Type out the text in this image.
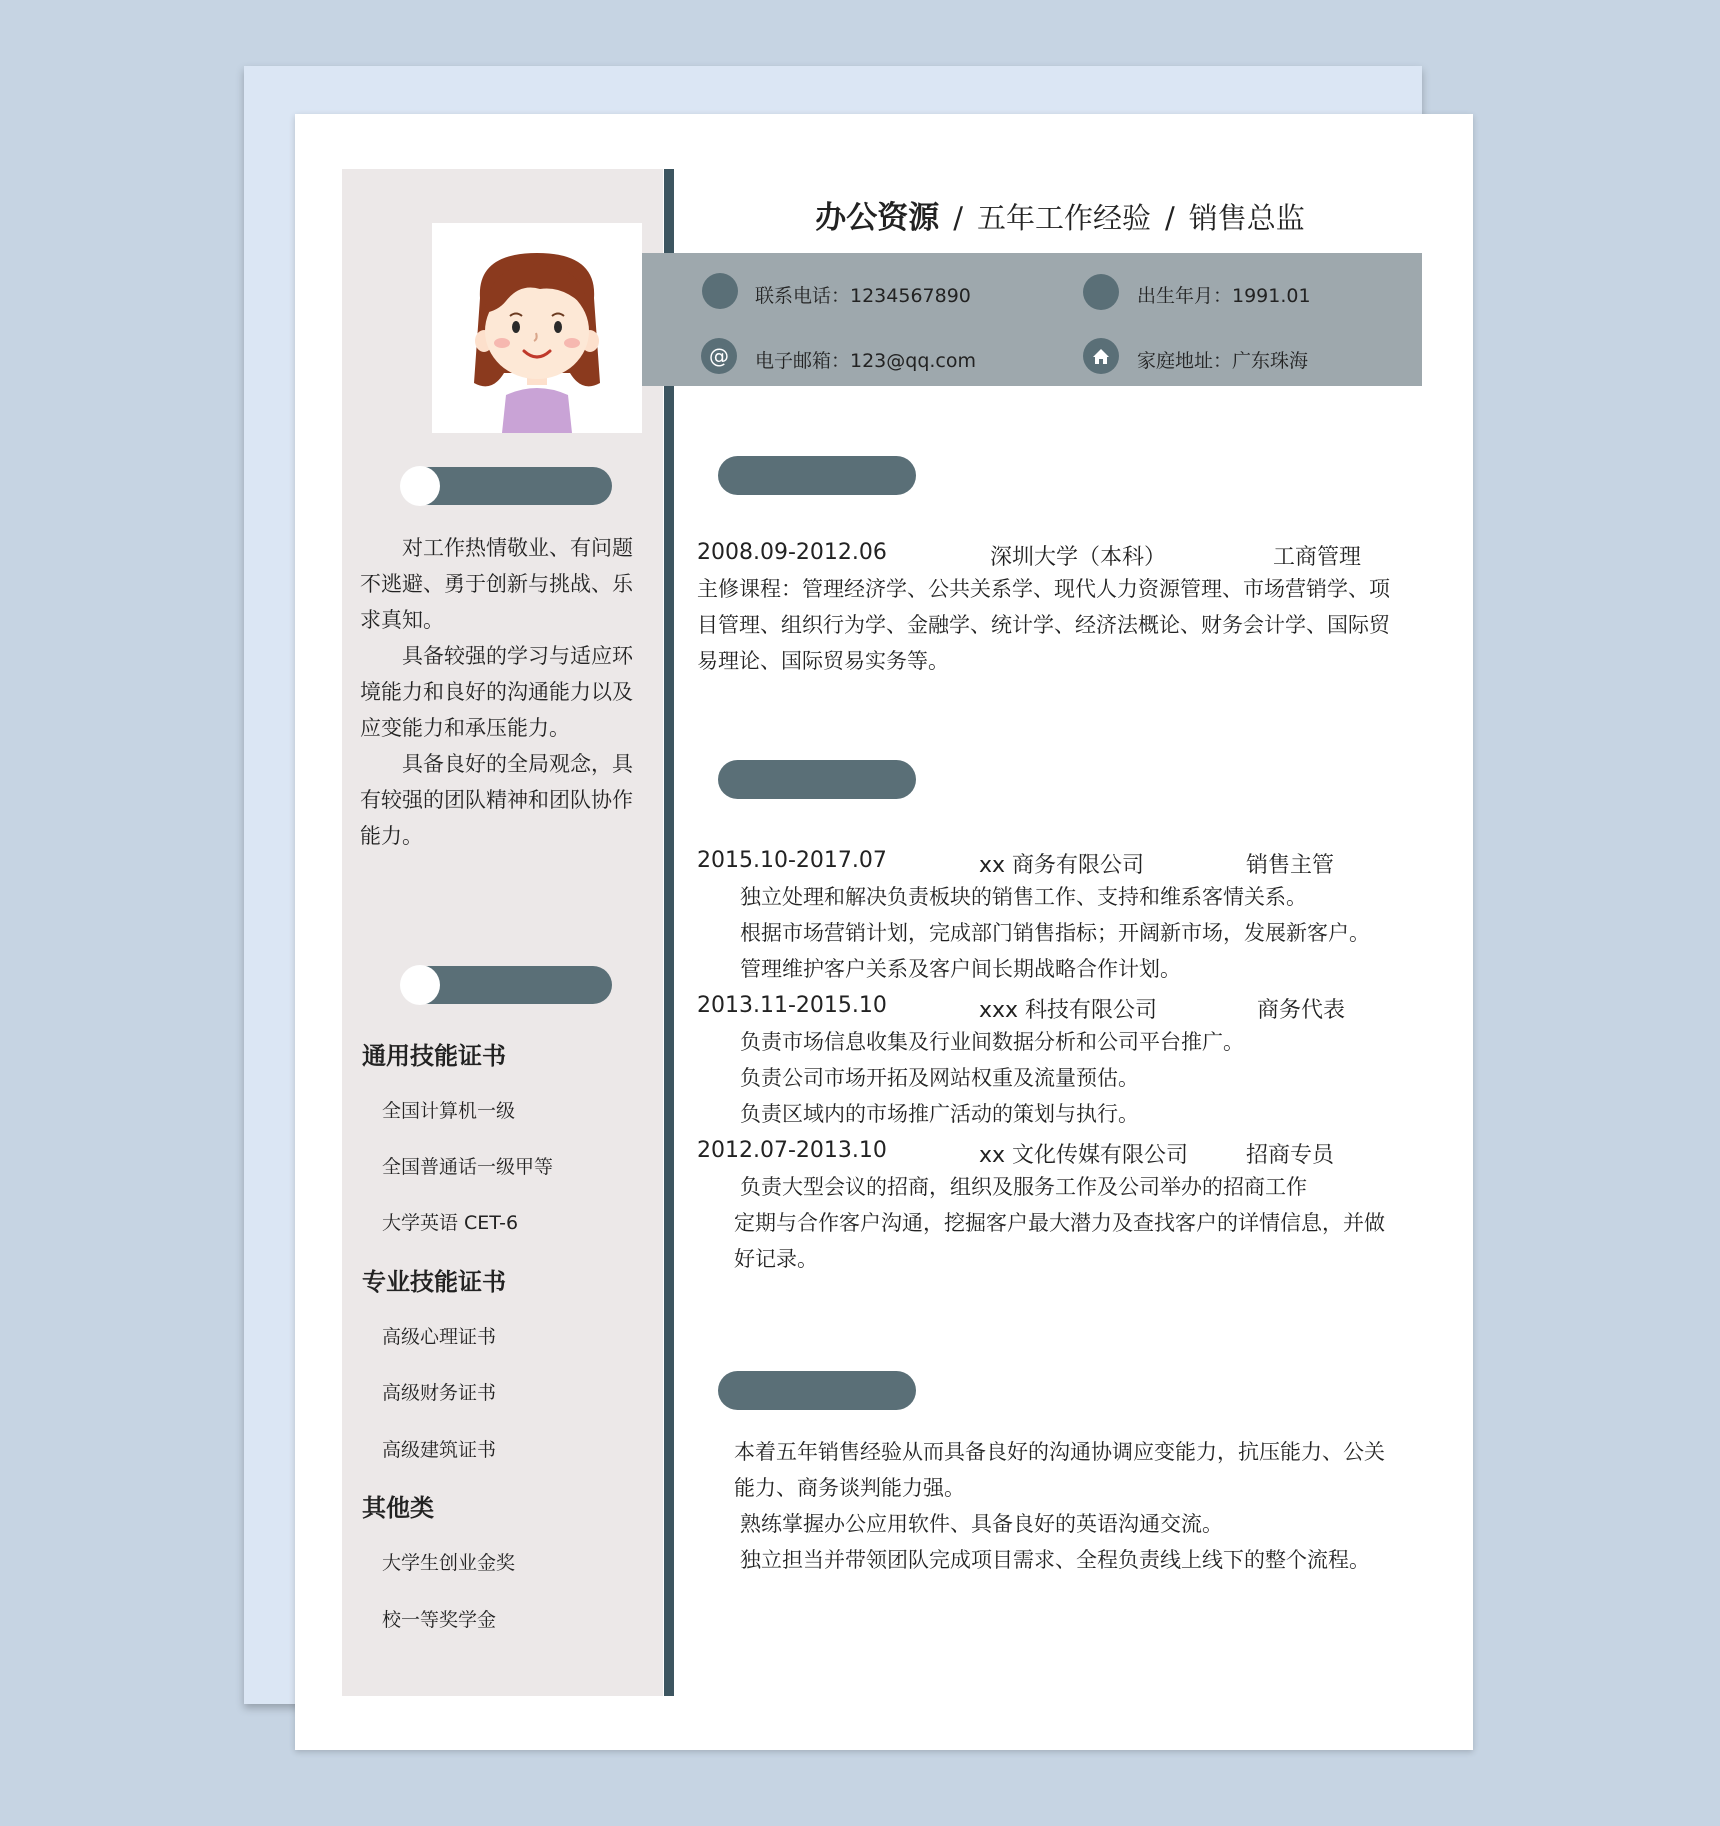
对工作热情敬业、有问题不逃避、勇于创新与挑战、乐求真知。

具备较强的学习与适应环境能力和良好的沟通能力以及应变能力和承压能力。

具备良好的全局观念，具有较强的团队精神和团队协作能力。

通用技能证书
全国计算机一级
全国普通话一级甲等
大学英语 CET-6
专业技能证书
高级心理证书
高级财务证书
高级建筑证书
其他类
大学生创业金奖
校一等奖学金
办公资源 / 五年工作经验 / 销售总监
联系电话：1234567890	出生年月：1991.01
@	电子邮箱：123@qq.com	家庭地址：广东珠海
2008.09-2012.06	深圳大学（本科）	工商管理

主修课程：管理经济学、公共关系学、现代人力资源管理、市场营销学、项目管理、组织行为学、金融学、统计学、经济法概论、财务会计学、国际贸易理论、国际贸易实务等。

2015.10-2017.07	xx 商务有限公司	销售主管

独立处理和解决负责板块的销售工作、支持和维系客情关系。

根据市场营销计划，完成部门销售指标；开阔新市场，发展新客户。

管理维护客户关系及客户间长期战略合作计划。

2013.11-2015.10	xxx 科技有限公司	商务代表

负责市场信息收集及行业间数据分析和公司平台推广。

负责公司市场开拓及网站权重及流量预估。

负责区域内的市场推广活动的策划与执行。

2012.07-2013.10	xx 文化传媒有限公司	招商专员

负责大型会议的招商，组织及服务工作及公司举办的招商工作

定期与合作客户沟通，挖掘客户最大潜力及查找客户的详情信息，并做好记录。

本着五年销售经验从而具备良好的沟通协调应变能力，抗压能力、公关能力、商务谈判能力强。

熟练掌握办公应用软件、具备良好的英语沟通交流。

独立担当并带领团队完成项目需求、全程负责线上线下的整个流程。
